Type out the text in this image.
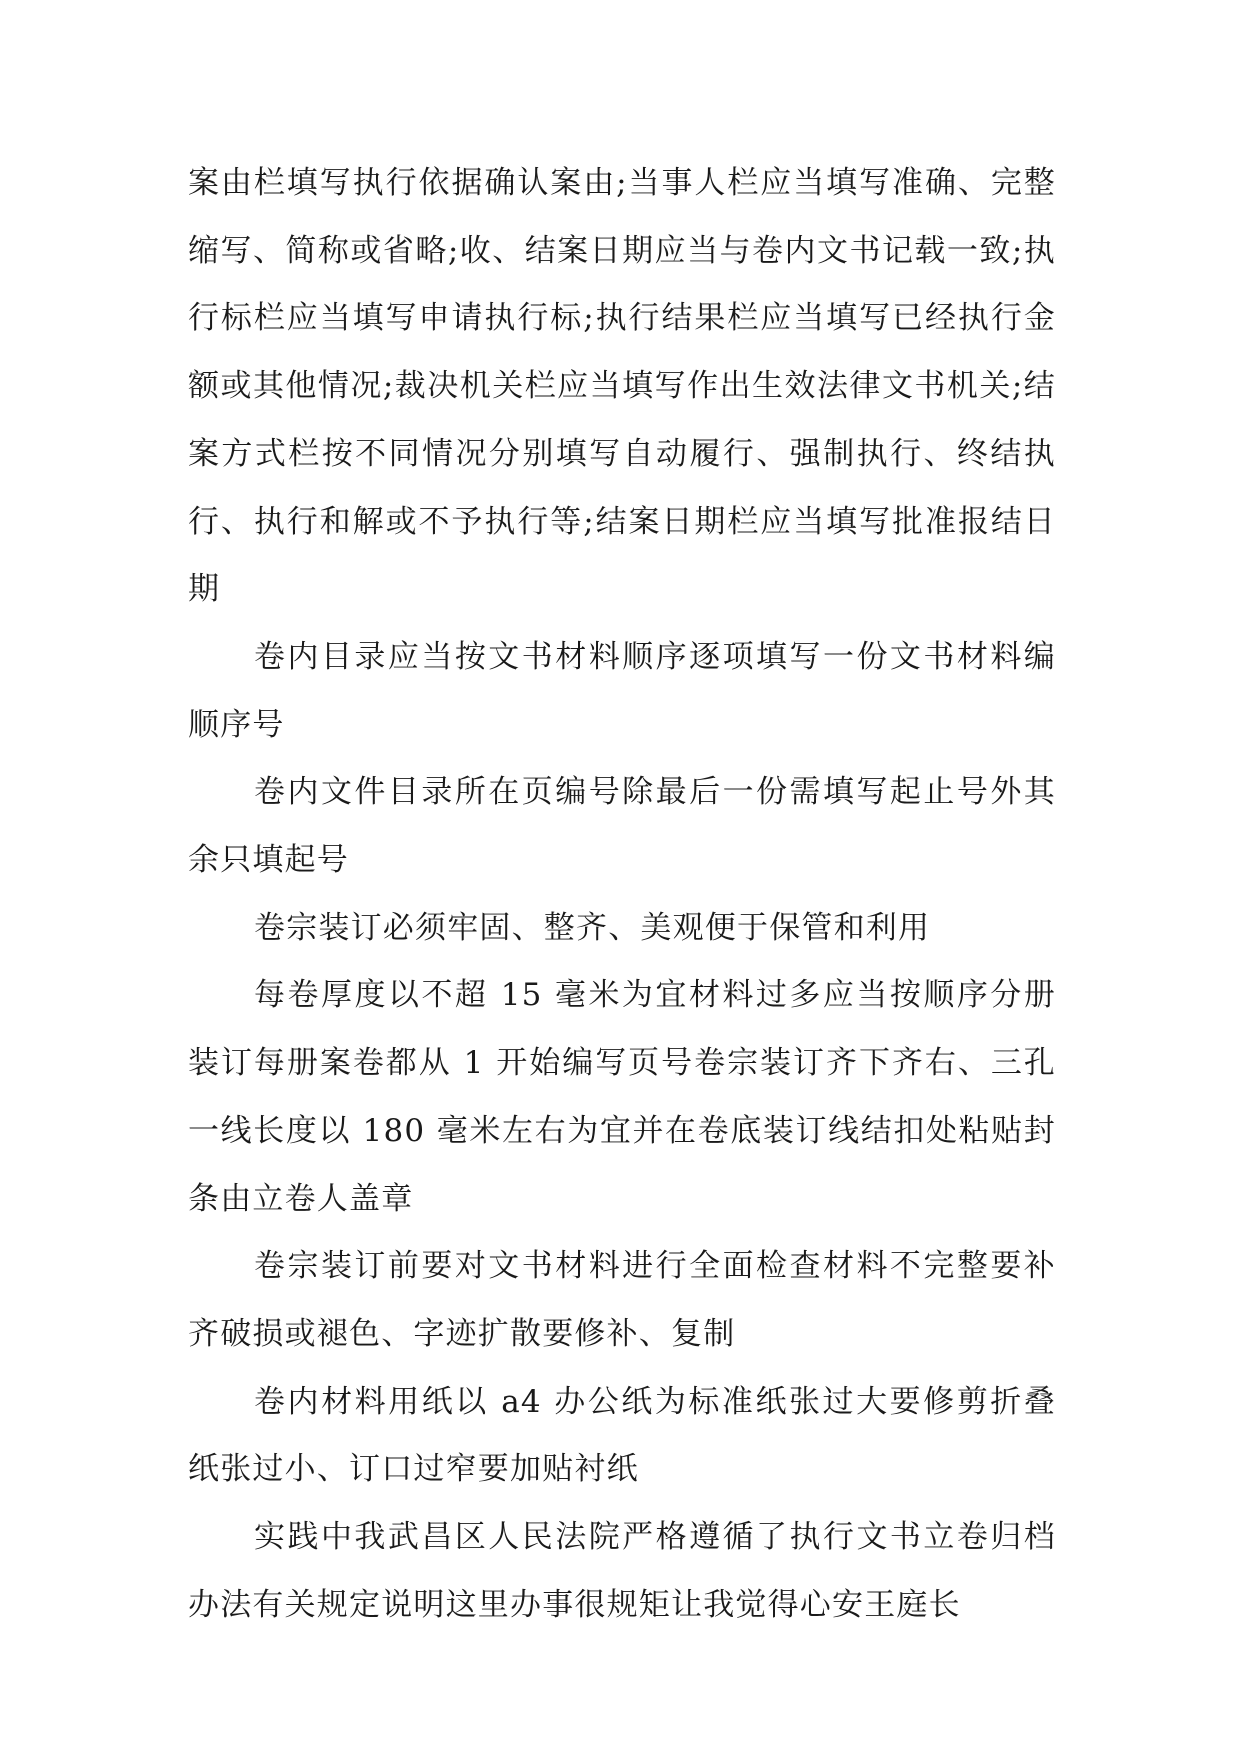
案由栏填写执行依据确认案由;当事人栏应当填写准确、完整缩写、简称或省略;收、结案日期应当与卷内文书记载一致;执行标栏应当填写申请执行标;执行结果栏应当填写已经执行金额或其他情况;裁决机关栏应当填写作出生效法律文书机关;结案方式栏按不同情况分别填写自动履行、强制执行、终结执行、执行和解或不予执行等;结案日期栏应当填写批准报结日期

卷内目录应当按文书材料顺序逐项填写一份文书材料编顺序号

卷内文件目录所在页编号除最后一份需填写起止号外其余只填起号

卷宗装订必须牢固、整齐、美观便于保管和利用

每卷厚度以不超 15 毫米为宜材料过多应当按顺序分册装订每册案卷都从 1 开始编写页号卷宗装订齐下齐右、三孔一线长度以 180 毫米左右为宜并在卷底装订线结扣处粘贴封条由立卷人盖章

卷宗装订前要对文书材料进行全面检查材料不完整要补齐破损或褪色、字迹扩散要修补、复制

卷内材料用纸以 a4 办公纸为标准纸张过大要修剪折叠纸张过小、订口过窄要加贴衬纸

实践中我武昌区人民法院严格遵循了执行文书立卷归档办法有关规定说明这里办事很规矩让我觉得心安王庭长
